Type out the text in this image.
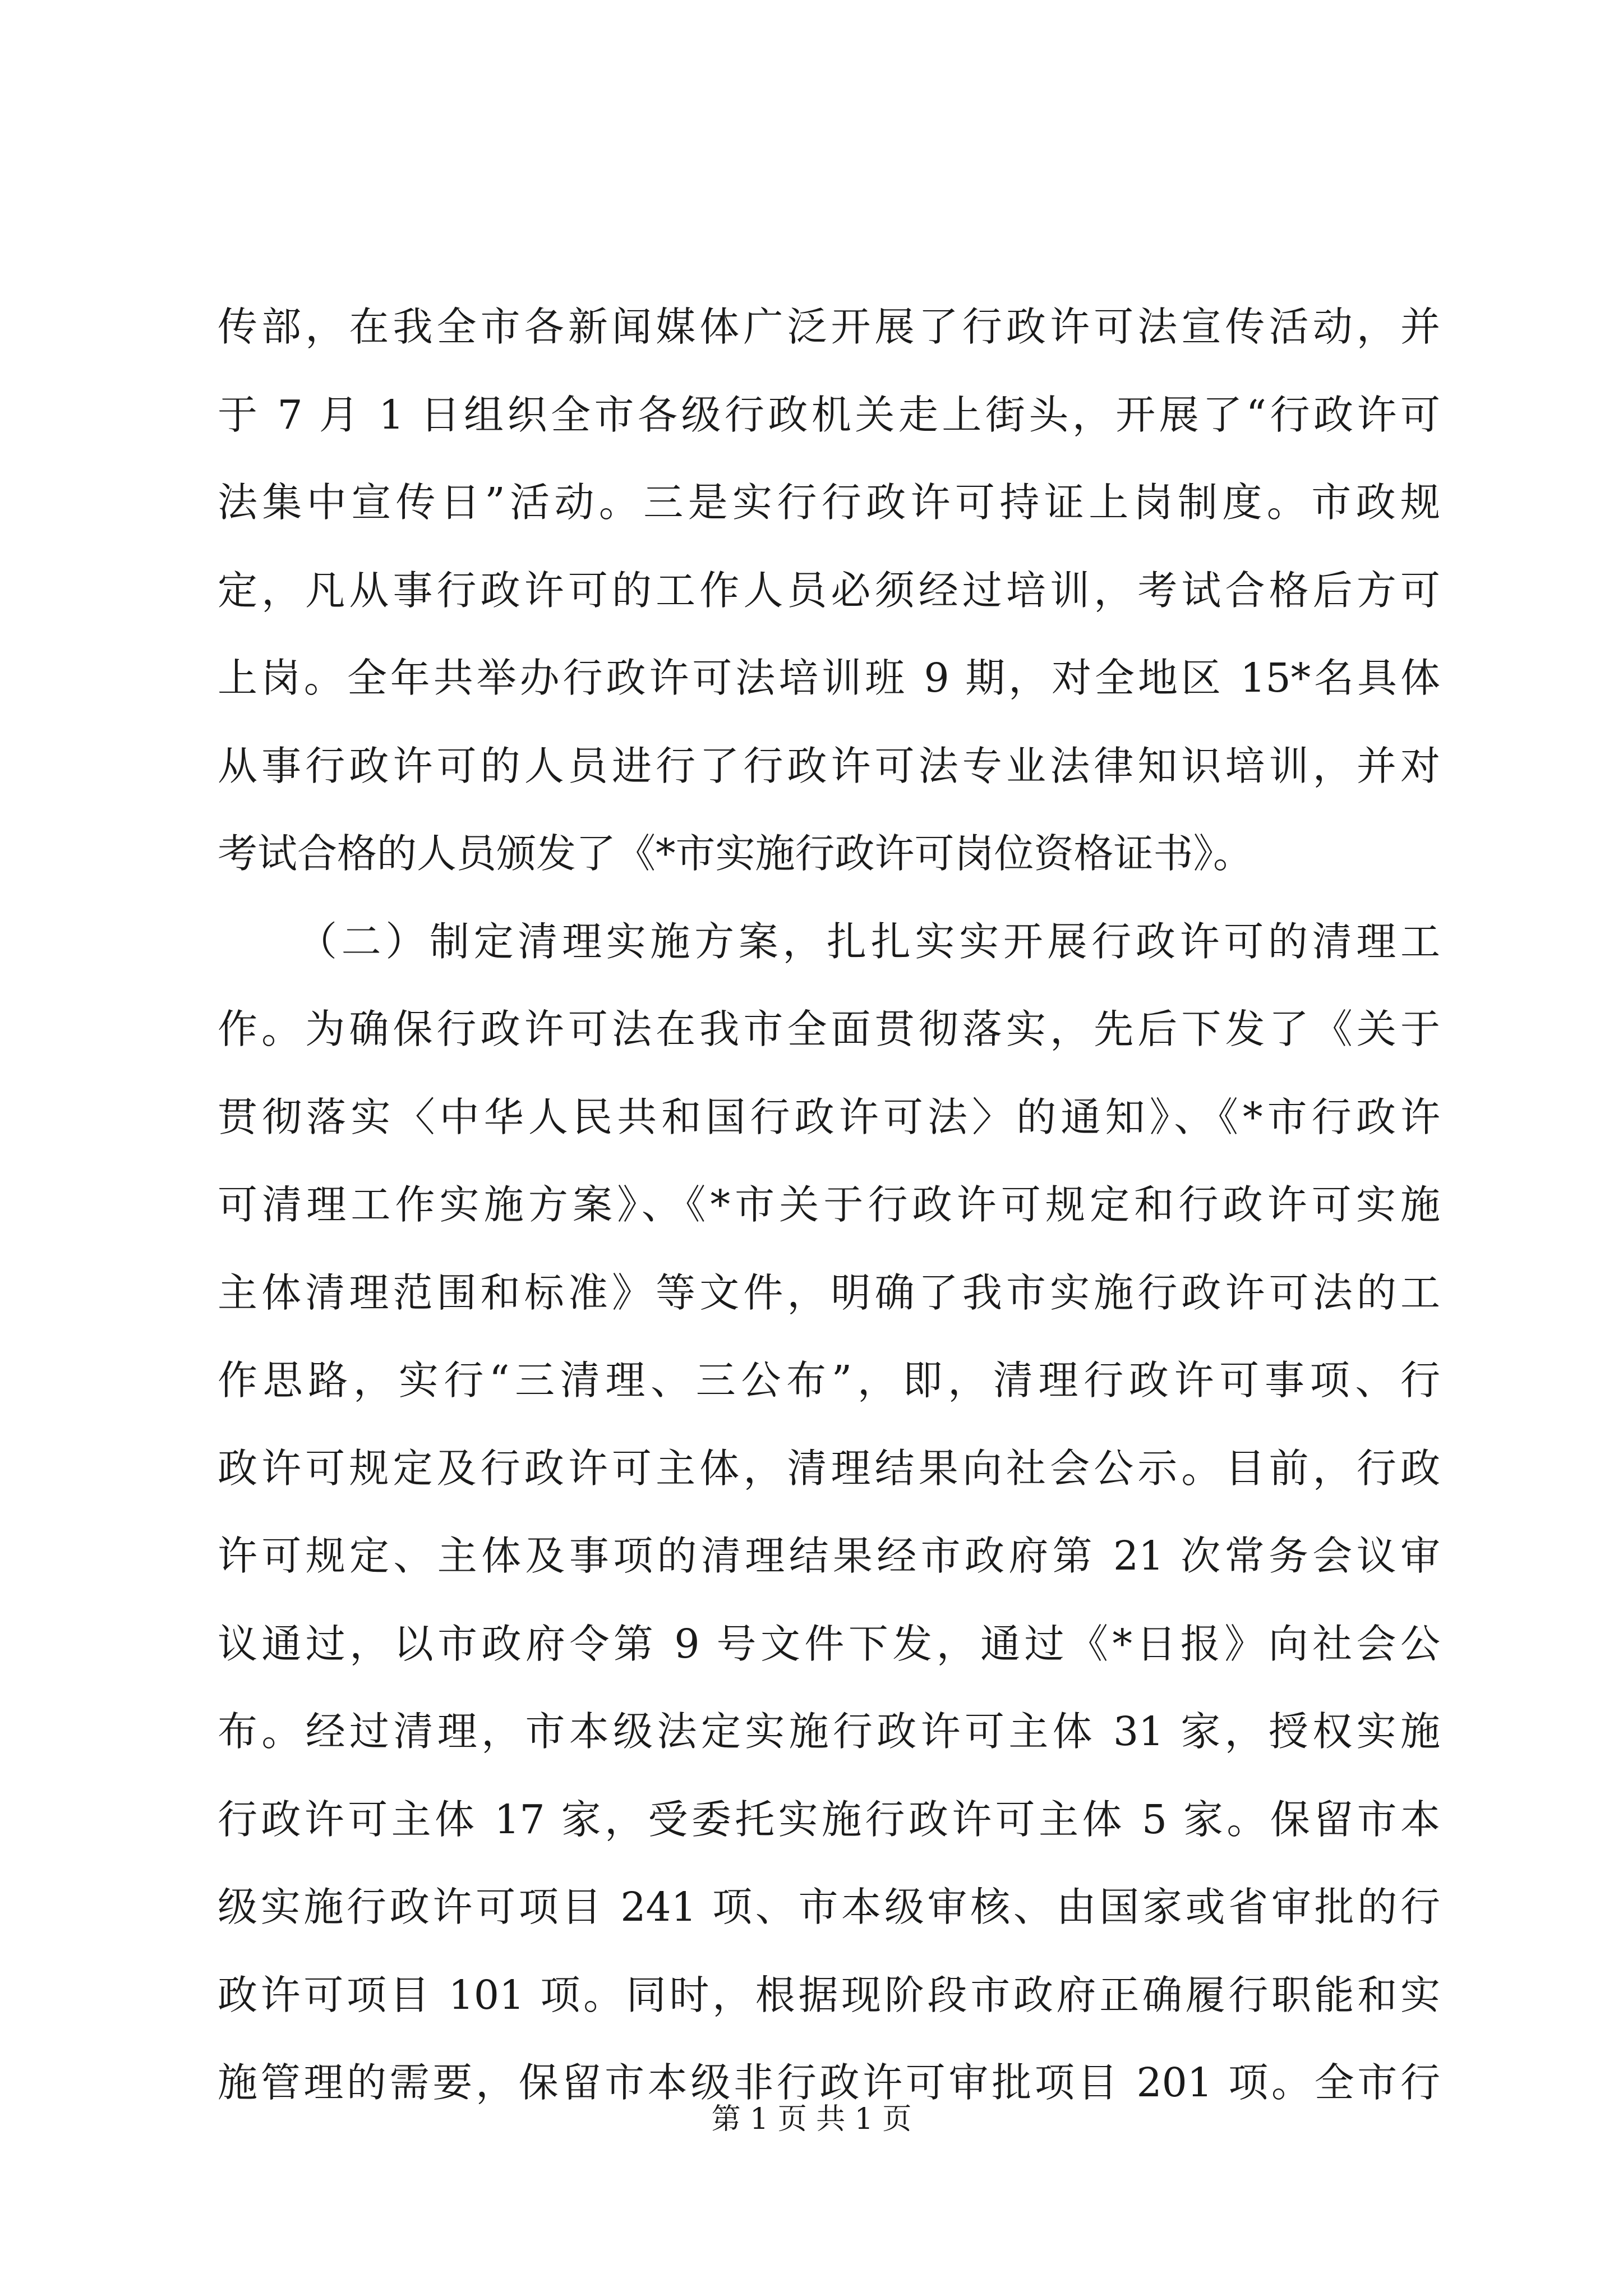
传部，在我全市各新闻媒体广泛开展了行政许可法宣传活动，并
于 7 月 1 日组织全市各级行政机关走上街头，开展了“行政许可
法集中宣传日”活动。三是实行行政许可持证上岗制度。市政规
定，凡从事行政许可的工作人员必须经过培训，考试合格后方可
上岗。全年共举办行政许可法培训班 9 期，对全地区 15*名具体
从事行政许可的人员进行了行政许可法专业法律知识培训，并对
考试合格的人员颁发了《*市实施行政许可岗位资格证书》。
（二）制定清理实施方案，扎扎实实开展行政许可的清理工
作。为确保行政许可法在我市全面贯彻落实，先后下发了《关于
贯彻落实〈中华人民共和国行政许可法〉的通知》、《*市行政许
可清理工作实施方案》、《*市关于行政许可规定和行政许可实施
主体清理范围和标准》等文件，明确了我市实施行政许可法的工
作思路，实行“三清理、三公布”，即，清理行政许可事项、行
政许可规定及行政许可主体，清理结果向社会公示。目前，行政
许可规定、主体及事项的清理结果经市政府第 21 次常务会议审
议通过，以市政府令第 9 号文件下发，通过《*日报》向社会公
布。经过清理，市本级法定实施行政许可主体 31 家，授权实施
行政许可主体 17 家，受委托实施行政许可主体 5 家。保留市本
级实施行政许可项目 241 项、市本级审核、由国家或省审批的行
政许可项目 101 项。同时，根据现阶段市政府正确履行职能和实
施管理的需要，保留市本级非行政许可审批项目 201 项。全市行
第 1 页 共 1 页
